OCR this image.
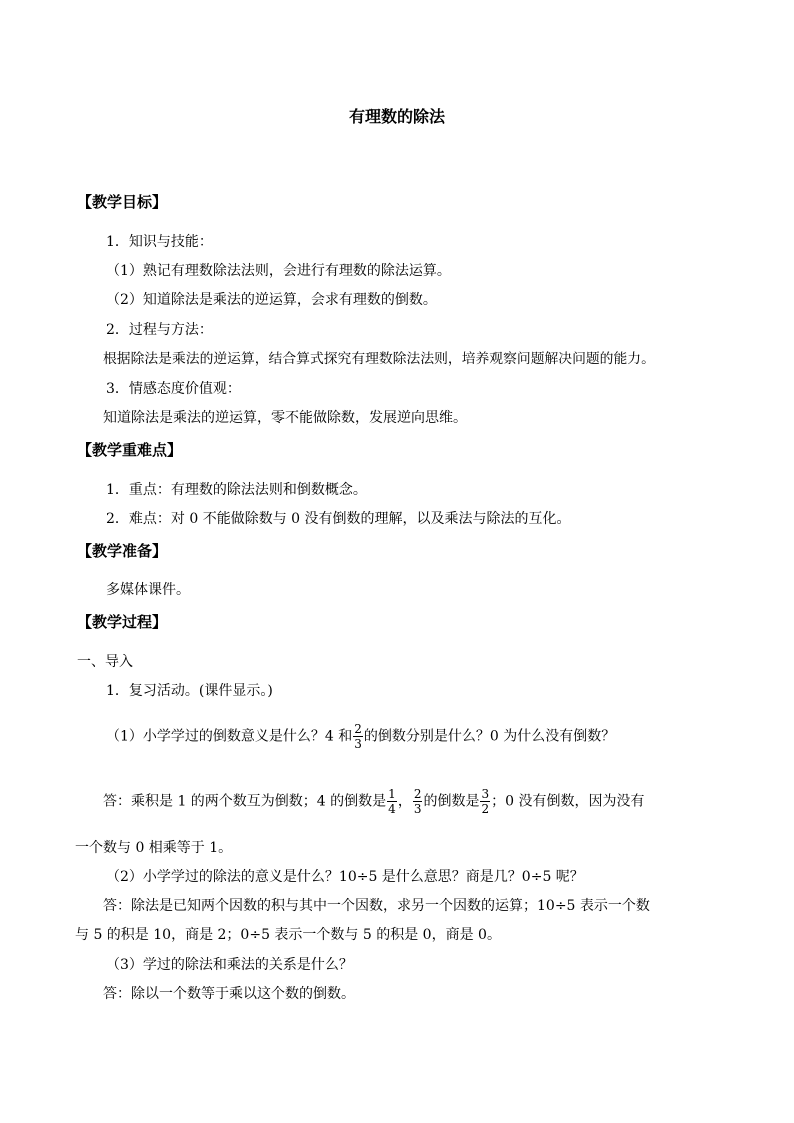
有理数的除法
【教学目标】
1．知识与技能：
（1）熟记有理数除法法则，会进行有理数的除法运算。
（2）知道除法是乘法的逆运算，会求有理数的倒数。
2．过程与方法：
根据除法是乘法的逆运算，结合算式探究有理数除法法则，培养观察问题解决问题的能力。
3．情感态度价值观：
知道除法是乘法的逆运算，零不能做除数，发展逆向思维。
【教学重难点】
1．重点：有理数的除法法则和倒数概念。
2．难点：对 0 不能做除数与 0 没有倒数的理解，以及乘法与除法的互化。
【教学准备】
多媒体课件。
【教学过程】
一、导入
1．复习活动。(课件显示。)
（1）小学学过的倒数意义是什么？4 和 $\frac{2}{3}$ 的倒数分别是什么？0 为什么没有倒数？
答：乘积是 1 的两个数互为倒数；4 的倒数是 $\frac{1}{4}$ ， $\frac{2}{3}$ 的倒数是 $\frac{3}{2}$ ；0 没有倒数，因为没有
一个数与 0 相乘等于 1。
（2）小学学过的除法的意义是什么？10÷5 是什么意思？商是几？0÷5 呢？
答：除法是已知两个因数的积与其中一个因数，求另一个因数的运算；10÷5 表示一个数
与 5 的积是 10，商是 2；0÷5 表示一个数与 5 的积是 0，商是 0。
（3）学过的除法和乘法的关系是什么？
答：除以一个数等于乘以这个数的倒数。
